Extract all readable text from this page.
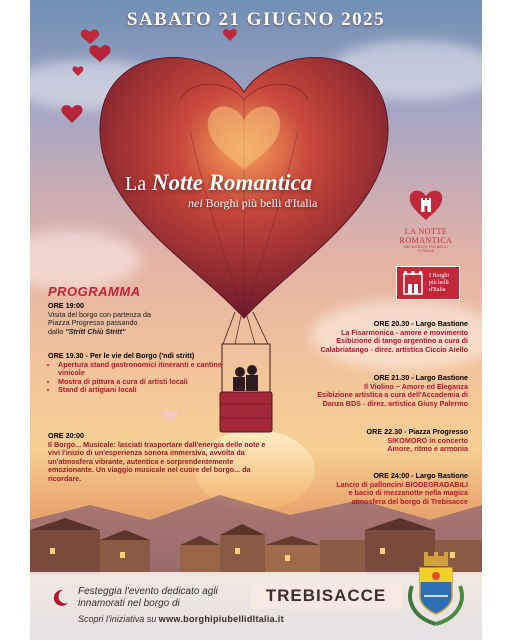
SABATO 21 GIUGNO 2025
La Notte Romantica
nei Borghi più belli d'Italia
LA NOTTE
ROMANTICA
NEI BORGHI PIÙ BELLI D'ITALIA
I Borghi
più belli
d'Italia
PROGRAMMA
ORE 19:00
Visita del borgo con partenza da
Piazza Progresso passando
dallo "Stritt Chiù Stritt"
ORE 19.30 - Per le vie del Borgo ('ndi stritt)
• Apertura stand gastronomici itineranti e cantine vinicole
• Mostra di pittura a cura di artisti locali
• Stand di artigiani locali
ORE 20:00
Il Borgo... Musicale: lasciati trasportare dall'energia delle note e vivi l'inizio di un'esperienza sonora immersiva, avvolta da un'atmosfera vibrante, autentica e sorprendentemente emozionante. Un viaggio musicale nel cuore del borgo... da ricordare.
ORE 20.30 - Largo Bastione
La Fisarmonica - amore e movimento
Esibizione di tango argentino a cura di
Calabriatango - direz. artistica Ciccio Aiello
ORE 21.30 - Largo Bastione
Il Violino ~ Amore ed Eleganza
Esibizione artistica a cura dell'Accademia di
Danza BDS - direz. artistica Giusy Palermo
ORE 22.30 - Piazza Progresso
SIKOMORO in concerto
Amore, ritmo e armonia
ORE 24:00 - Largo Bastione
Lancio di palloncini BIODEGRADABILI
e bacio di mezzanotte nella magica
atmosfera del borgo di Trebisacce
Festeggia l'evento dedicato agli innamorati nel borgo di
Scopri l'iniziativa su www.borghipiubellidItalia.it
TREBISACCE
